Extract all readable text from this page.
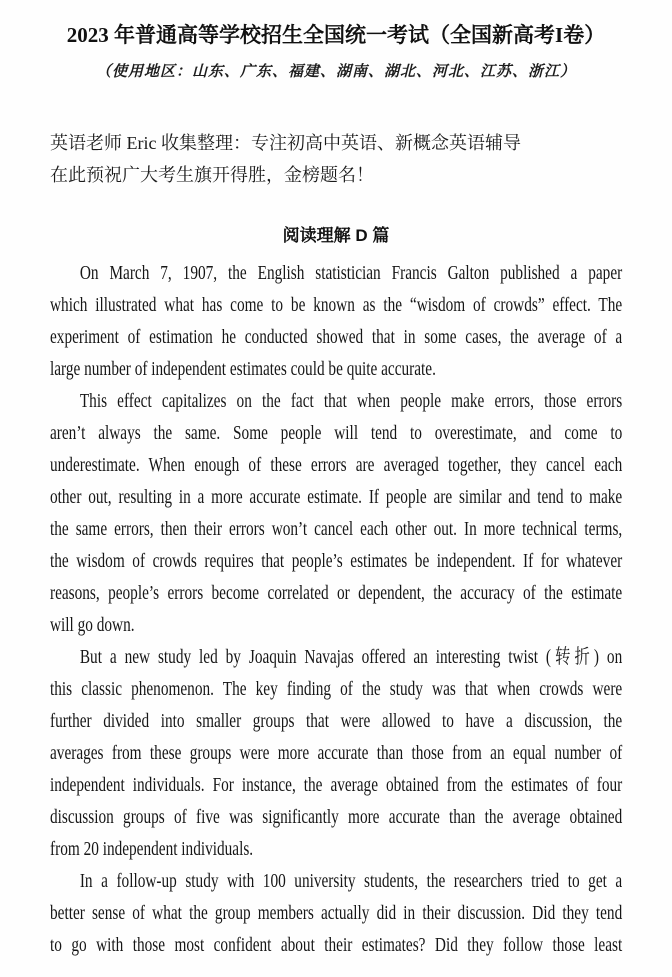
2023 年普通高等学校招生全国统一考试（全国新高考I卷）
（使用地区：山东、广东、福建、湖南、湖北、河北、江苏、浙江）
英语老师 Eric 收集整理：专注初高中英语、新概念英语辅导
在此预祝广大考生旗开得胜，金榜题名！
阅读理解 D 篇
On March 7, 1907, the English statistician Francis Galton published a paper
which illustrated what has come to be known as the “wisdom of crowds” effect. The
experiment of estimation he conducted showed that in some cases, the average of a
large number of independent estimates could be quite accurate.
This effect capitalizes on the fact that when people make errors, those errors
aren’t always the same. Some people will tend to overestimate, and come to
underestimate. When enough of these errors are averaged together, they cancel each
other out, resulting in a more accurate estimate. If people are similar and tend to make
the same errors, then their errors won’t cancel each other out. In more technical terms,
the wisdom of crowds requires that people’s estimates be independent. If for whatever
reasons, people’s errors become correlated or dependent, the accuracy of the estimate
will go down.
But a new study led by Joaquin Navajas offered an interesting twist (转折) on
this classic phenomenon. The key finding of the study was that when crowds were
further divided into smaller groups that were allowed to have a discussion, the
averages from these groups were more accurate than those from an equal number of
independent individuals. For instance, the average obtained from the estimates of four
discussion groups of five was significantly more accurate than the average obtained
from 20 independent individuals.
In a follow-up study with 100 university students, the researchers tried to get a
better sense of what the group members actually did in their discussion. Did they tend
to go with those most confident about their estimates? Did they follow those least
